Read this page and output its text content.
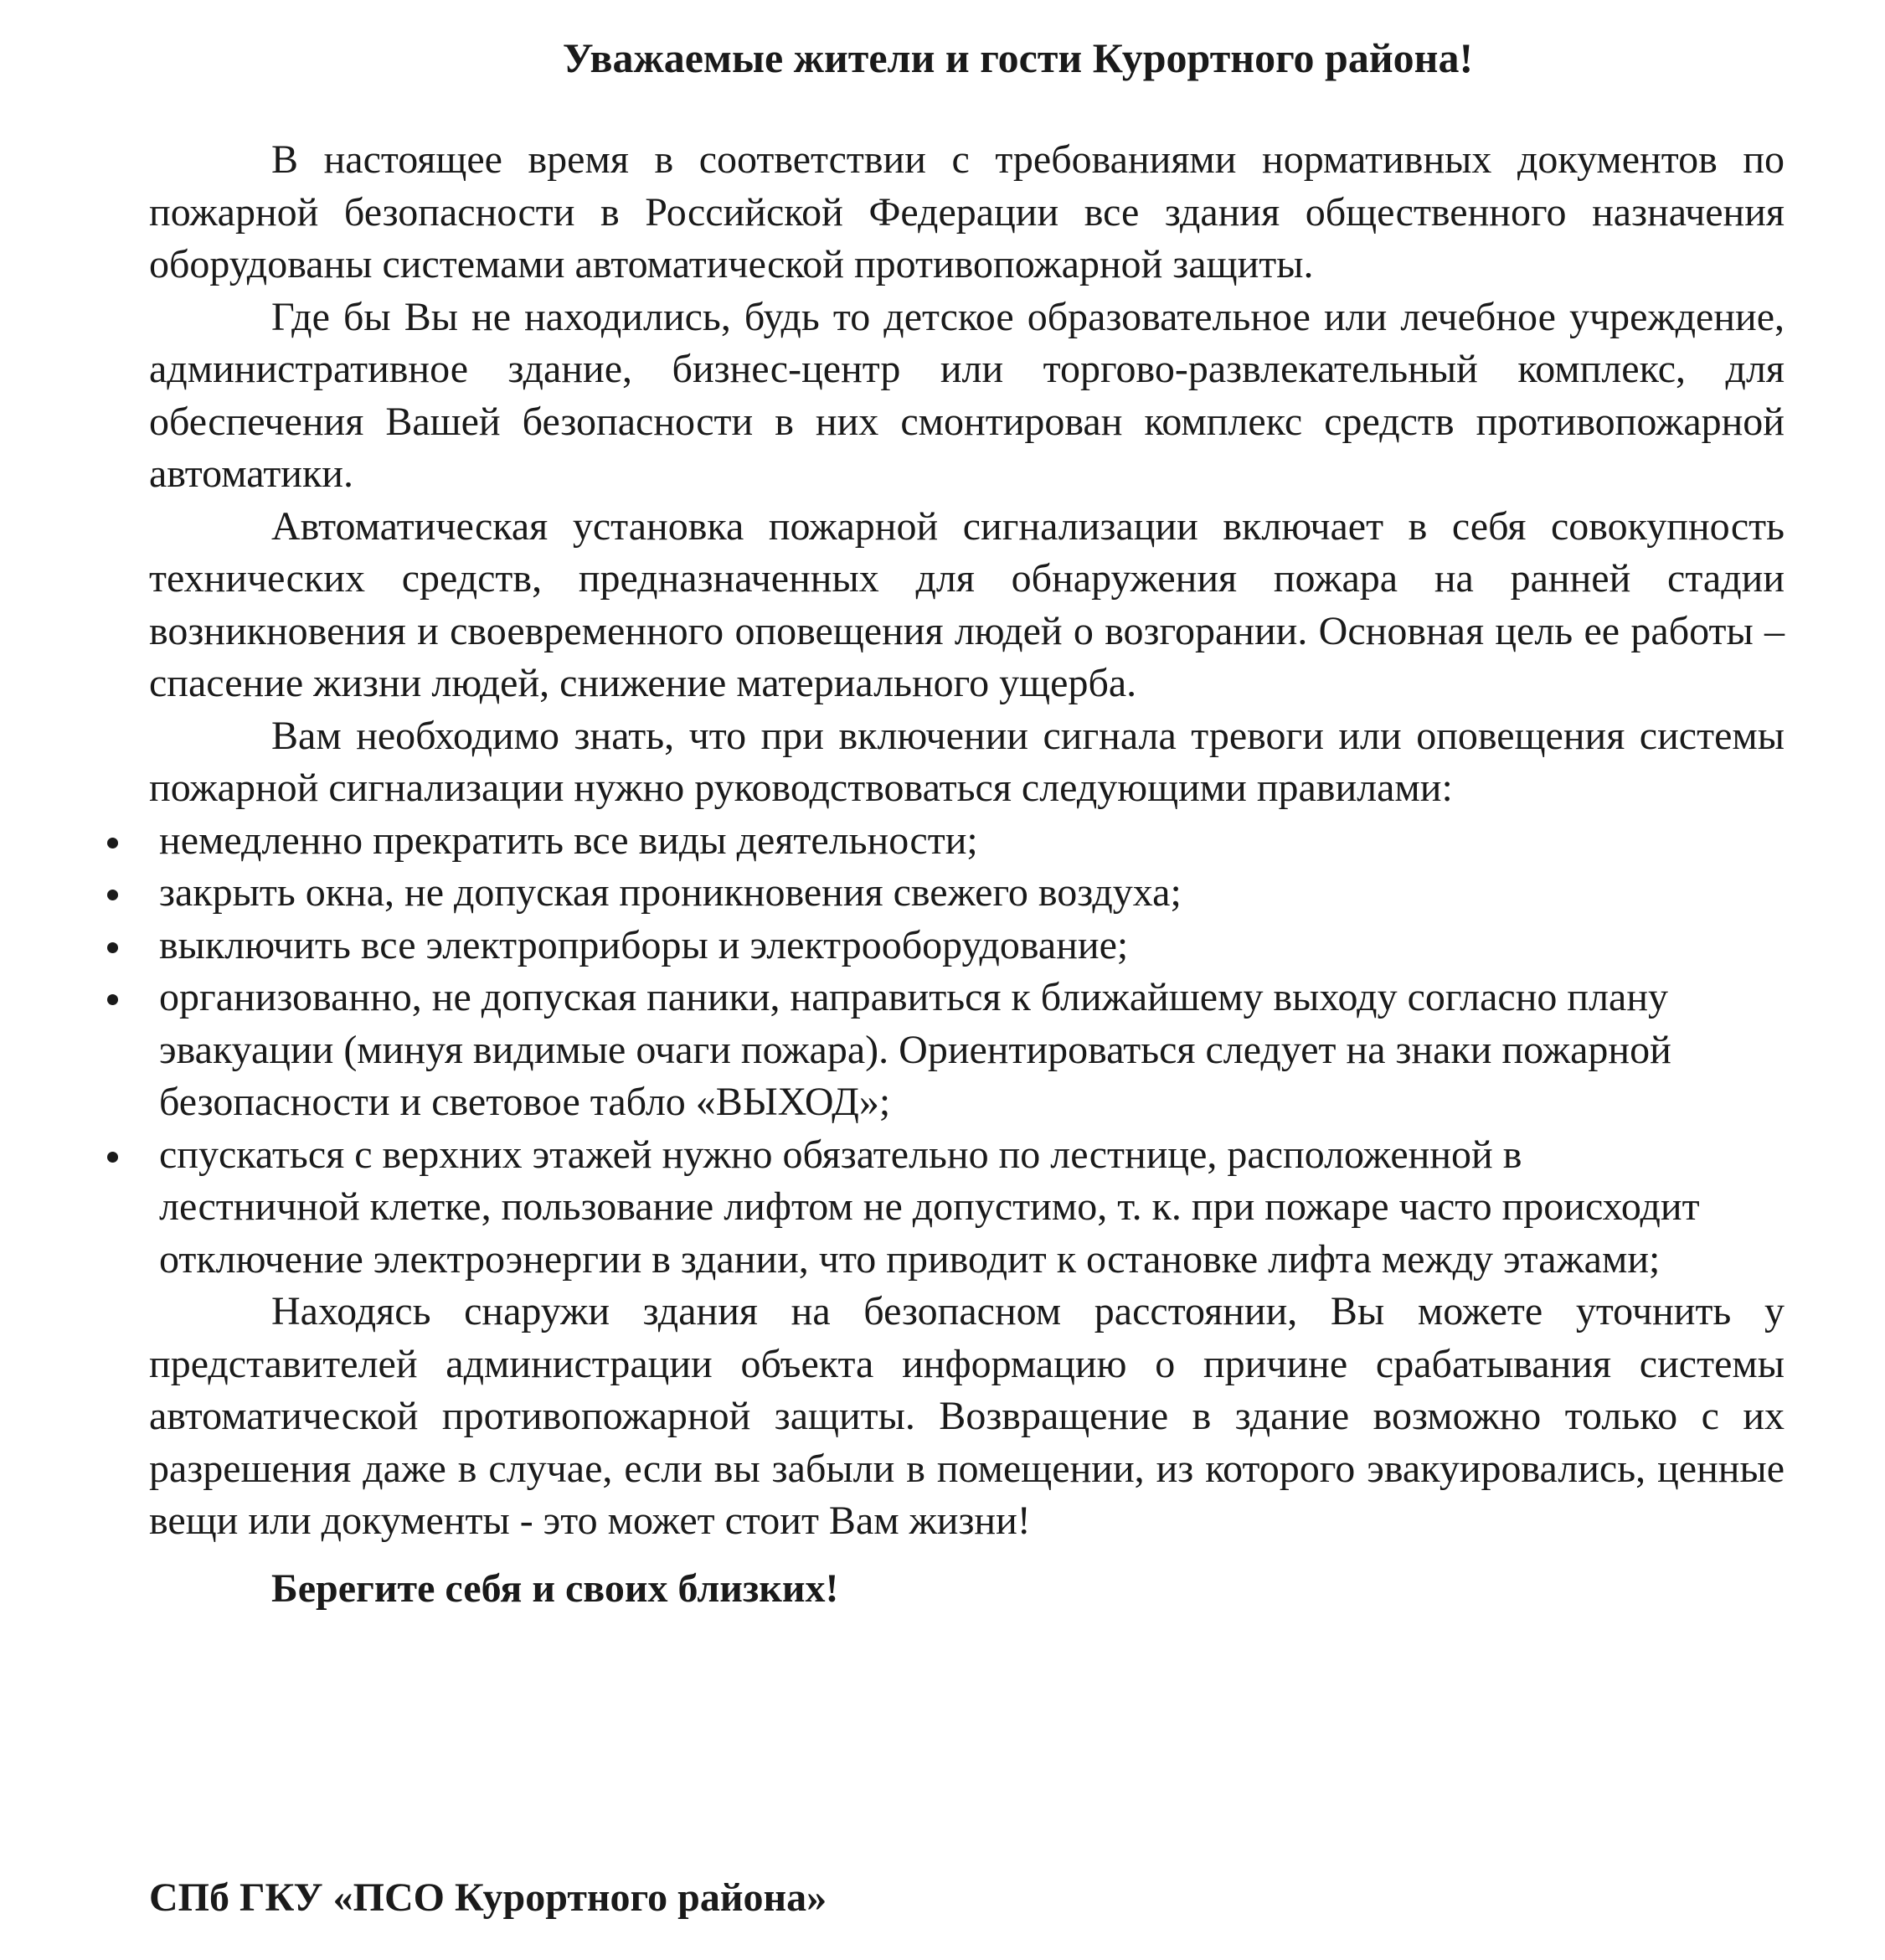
Уважаемые жители и гости Курортного района!

В настоящее время в соответствии с требованиями нормативных документов по пожарной безопасности в Российской Федерации все здания общественного назначения оборудованы системами автоматической противопожарной защиты.

Где бы Вы не находились, будь то детское образовательное или лечебное учреждение, административное здание, бизнес-центр или торгово-развлекательный комплекс, для обеспечения Вашей безопасности в них смонтирован комплекс средств противопожарной автоматики.

Автоматическая установка пожарной сигнализации включает в себя совокупность технических средств, предназначенных для обнаружения пожара на ранней стадии возникновения и своевременного оповещения людей о возгорании. Основная цель ее работы – спасение жизни людей, снижение материального ущерба.

Вам необходимо знать, что при включении сигнала тревоги или оповещения системы пожарной сигнализации нужно руководствоваться следующими правилами:

немедленно прекратить все виды деятельности;
закрыть окна, не допуская проникновения свежего воздуха;
выключить все электроприборы и электрооборудование;
организованно, не допуская паники, направиться к ближайшему выходу согласно плану эвакуации (минуя видимые очаги пожара). Ориентироваться следует на знаки пожарной безопасности и световое табло «ВЫХОД»;
спускаться с верхних этажей нужно обязательно по лестнице, расположенной в лестничной клетке, пользование лифтом не допустимо, т. к. при пожаре часто происходит отключение электроэнергии в здании, что приводит к остановке лифта между этажами;

Находясь снаружи здания на безопасном расстоянии, Вы можете уточнить у представителей администрации объекта информацию о причине срабатывания системы автоматической противопожарной защиты. Возвращение в здание возможно только с их разрешения даже в случае, если вы забыли в помещении, из которого эвакуировались, ценные вещи или документы - это может стоит Вам жизни!

Берегите себя и своих близких!

СПб ГКУ «ПСО Курортного района»
